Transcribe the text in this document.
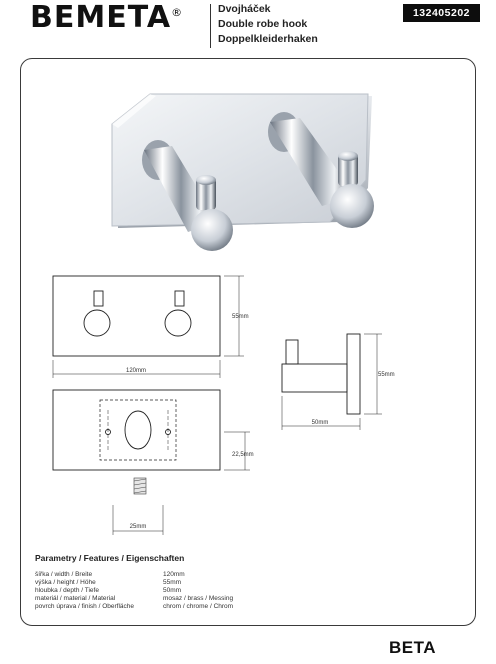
BEMETA®	Dvojháček
Double robe hook
Doppelkleiderhaken
132405202
120mm
55mm
50mm
55mm
22,5mm
25mm
Parametry / Features / Eigenschaften
šířka / width / Breite	120mm
výška / height / Höhe	55mm
hloubka / depth / Tiefe	50mm
materiál / material / Material	mosaz / brass / Messing
povrch úprava / finish / Oberfläche	chrom / chrome / Chrom
BETA
